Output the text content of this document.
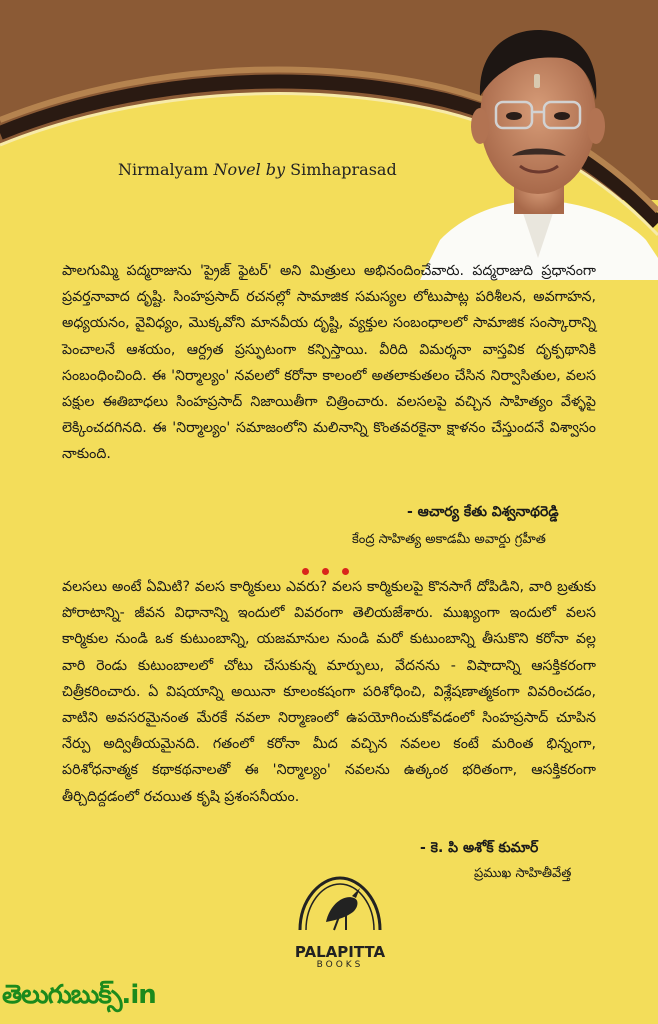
Nirmalyam Novel by Simhaprasad
పాలగుమ్మి పద్మరాజును 'ప్రైజ్ ఫైటర్' అని మిత్రులు అభినందించేవారు. పద్మరాజుది ప్రధానంగా ప్రవర్తనావాద దృష్టి. సింహప్రసాద్ రచనల్లో సామాజిక సమస్యల లోటుపాట్ల పరిశీలన, అవగాహన, అధ్యయనం, వైవిధ్యం, మొక్కవోని మానవీయ దృష్టి, వ్యక్తుల సంబంధాలలో సామాజిక సంస్కారాన్ని పెంచాలనే ఆశయం, ఆర్ద్రత ప్రస్ఫుటంగా కన్పిస్తాయి. వీరిది విమర్శనా వాస్తవిక దృక్పథానికి సంబంధించింది. ఈ 'నిర్మాల్యం' నవలలో కరోనా కాలంలో అతలాకుతలం చేసిన నిర్వాసితుల, వలస పక్షుల ఈతిబాధలు సింహప్రసాద్ నిజాయితీగా చిత్రించారు. వలసలపై వచ్చిన సాహిత్యం వేళ్ళపై లెక్కించదగినది. ఈ 'నిర్మాల్యం' సమాజంలోని మలినాన్ని కొంతవరకైనా క్షాళనం చేస్తుందనే విశ్వాసం నాకుంది.
- ఆచార్య కేతు విశ్వనాథరెడ్డి
కేంద్ర సాహిత్య అకాడమీ అవార్డు గ్రహీత
వలసలు అంటే ఏమిటి? వలస కార్మికులు ఎవరు? వలస కార్మికులపై కొనసాగే దోపిడిని, వారి బ్రతుకు పోరాటాన్ని- జీవన విధానాన్ని ఇందులో వివరంగా తెలియజేశారు. ముఖ్యంగా ఇందులో వలస కార్మికుల నుండి ఒక కుటుంబాన్ని, యజమానుల నుండి మరో కుటుంబాన్ని తీసుకొని కరోనా వల్ల వారి రెండు కుటుంబాలలో చోటు చేసుకున్న మార్పులు, వేదనను - విషాదాన్ని ఆసక్తికరంగా చిత్రీకరించారు. ఏ విషయాన్ని అయినా కూలంకషంగా పరిశోధించి, విశ్లేషణాత్మకంగా వివరించడం, వాటిని అవసరమైనంత మేరకే నవలా నిర్మాణంలో ఉపయోగించుకోవడంలో సింహప్రసాద్ చూపిన నేర్పు అద్వితీయమైనది. గతంలో కరోనా మీద వచ్చిన నవలల కంటే మరింత భిన్నంగా, పరిశోధనాత్మక కథాకథనాలతో ఈ 'నిర్మాల్యం' నవలను ఉత్కంఠ భరితంగా, ఆసక్తికరంగా తీర్చిదిద్దడంలో రచయిత కృషి ప్రశంసనీయం.
- కె. పి అశోక్ కుమార్
ప్రముఖ సాహితీవేత్త
PALAPITTA
BOOKS
తెలుగుబుక్స్.in
